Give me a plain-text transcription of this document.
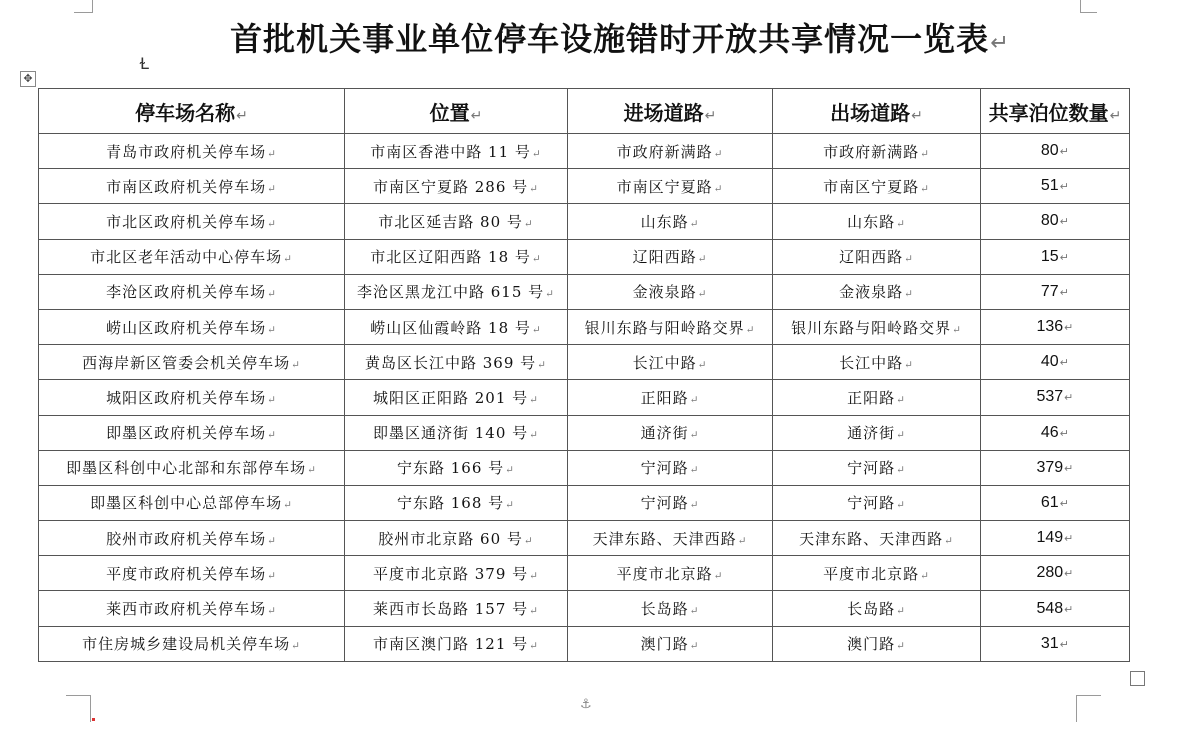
首批机关事业单位停车设施错时开放共享情况一览表↵
✥
Ɫ
停车场名称↵	位置↵	进场道路↵	出场道路↵	共享泊位数量↵
青岛市政府机关停车场↵	市南区香港中路 11 号↵	市政府新满路↵	市政府新满路↵	80↵
市南区政府机关停车场↵	市南区宁夏路 286 号↵	市南区宁夏路↵	市南区宁夏路↵	51↵
市北区政府机关停车场↵	市北区延吉路 80 号↵	山东路↵	山东路↵	80↵
市北区老年活动中心停车场↵	市北区辽阳西路 18 号↵	辽阳西路↵	辽阳西路↵	15↵
李沧区政府机关停车场↵	李沧区黑龙江中路 615 号↵	金液泉路↵	金液泉路↵	77↵
崂山区政府机关停车场↵	崂山区仙霞岭路 18 号↵	银川东路与阳岭路交界↵	银川东路与阳岭路交界↵	136↵
西海岸新区管委会机关停车场↵	黄岛区长江中路 369 号↵	长江中路↵	长江中路↵	40↵
城阳区政府机关停车场↵	城阳区正阳路 201 号↵	正阳路↵	正阳路↵	537↵
即墨区政府机关停车场↵	即墨区通济街 140 号↵	通济街↵	通济街↵	46↵
即墨区科创中心北部和东部停车场↵	宁东路 166 号↵	宁河路↵	宁河路↵	379↵
即墨区科创中心总部停车场↵	宁东路 168 号↵	宁河路↵	宁河路↵	61↵
胶州市政府机关停车场↵	胶州市北京路 60 号↵	天津东路、天津西路↵	天津东路、天津西路↵	149↵
平度市政府机关停车场↵	平度市北京路 379 号↵	平度市北京路↵	平度市北京路↵	280↵
莱西市政府机关停车场↵	莱西市长岛路 157 号↵	长岛路↵	长岛路↵	548↵
市住房城乡建设局机关停车场↵	市南区澳门路 121 号↵	澳门路↵	澳门路↵	31↵
⚓
